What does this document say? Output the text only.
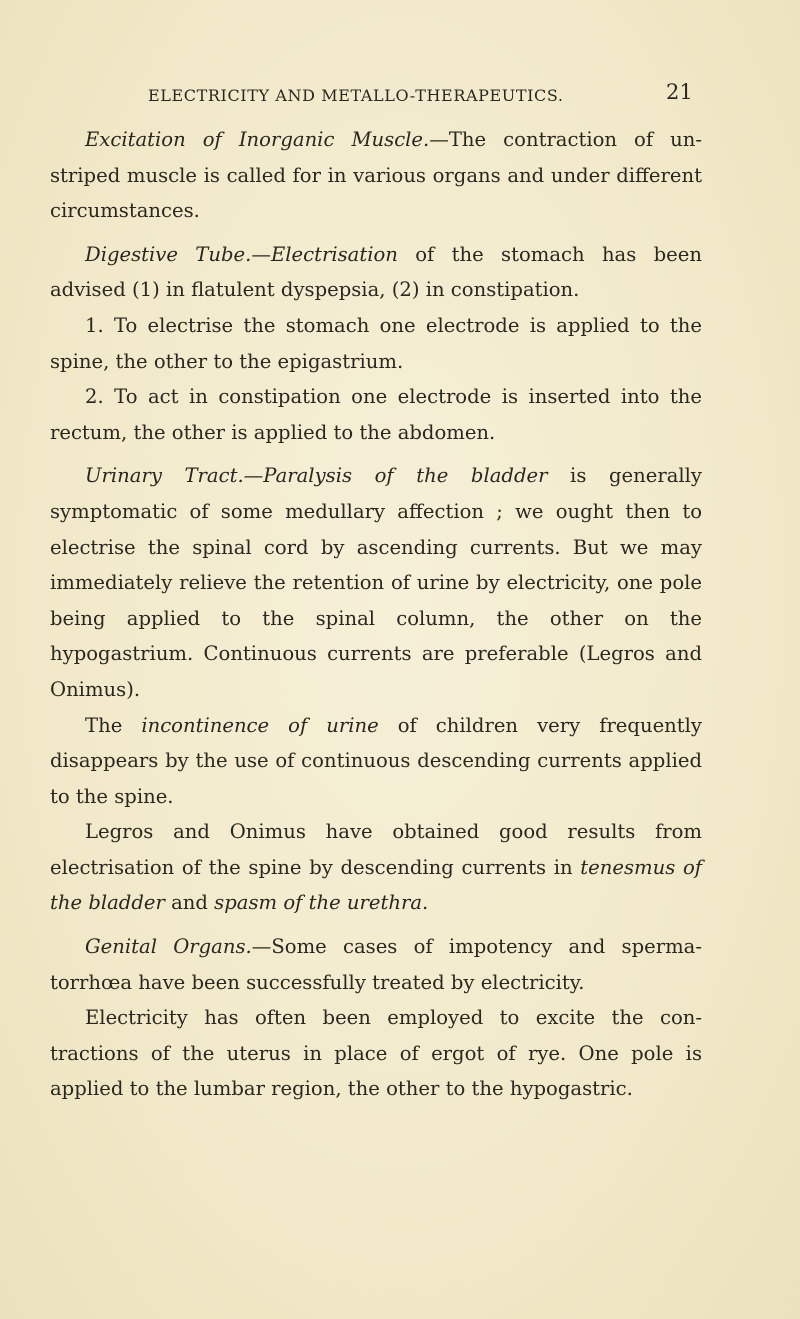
ELECTRICITY AND METALLO-THERAPEUTICS.	21

Excitation of Inorganic Muscle.—The contraction of un-striped muscle is called for in various organs and under different circumstances.

Digestive Tube.—Electrisation of the stomach has been advised (1) in flatulent dyspepsia, (2) in constipation.

1. To electrise the stomach one electrode is applied to the spine, the other to the epigastrium.

2. To act in constipation one electrode is inserted into the rectum, the other is applied to the abdomen.

Urinary Tract.—Paralysis of the bladder is generally symptomatic of some medullary affection ; we ought then to electrise the spinal cord by ascending currents. But we may immediately relieve the retention of urine by electricity, one pole being applied to the spinal column, the other on the hypogastrium. Continuous currents are preferable (Legros and Onimus).

The incontinence of urine of children very frequently disappears by the use of continuous descending currents applied to the spine.

Legros and Onimus have obtained good results from electrisation of the spine by descending currents in tenesmus of the bladder and spasm of the urethra.

Genital Organs.—Some cases of impotency and sperma-torrhœa have been successfully treated by electricity.

Electricity has often been employed to excite the con-tractions of the uterus in place of ergot of rye. One pole is applied to the lumbar region, the other to the hypogastric.
